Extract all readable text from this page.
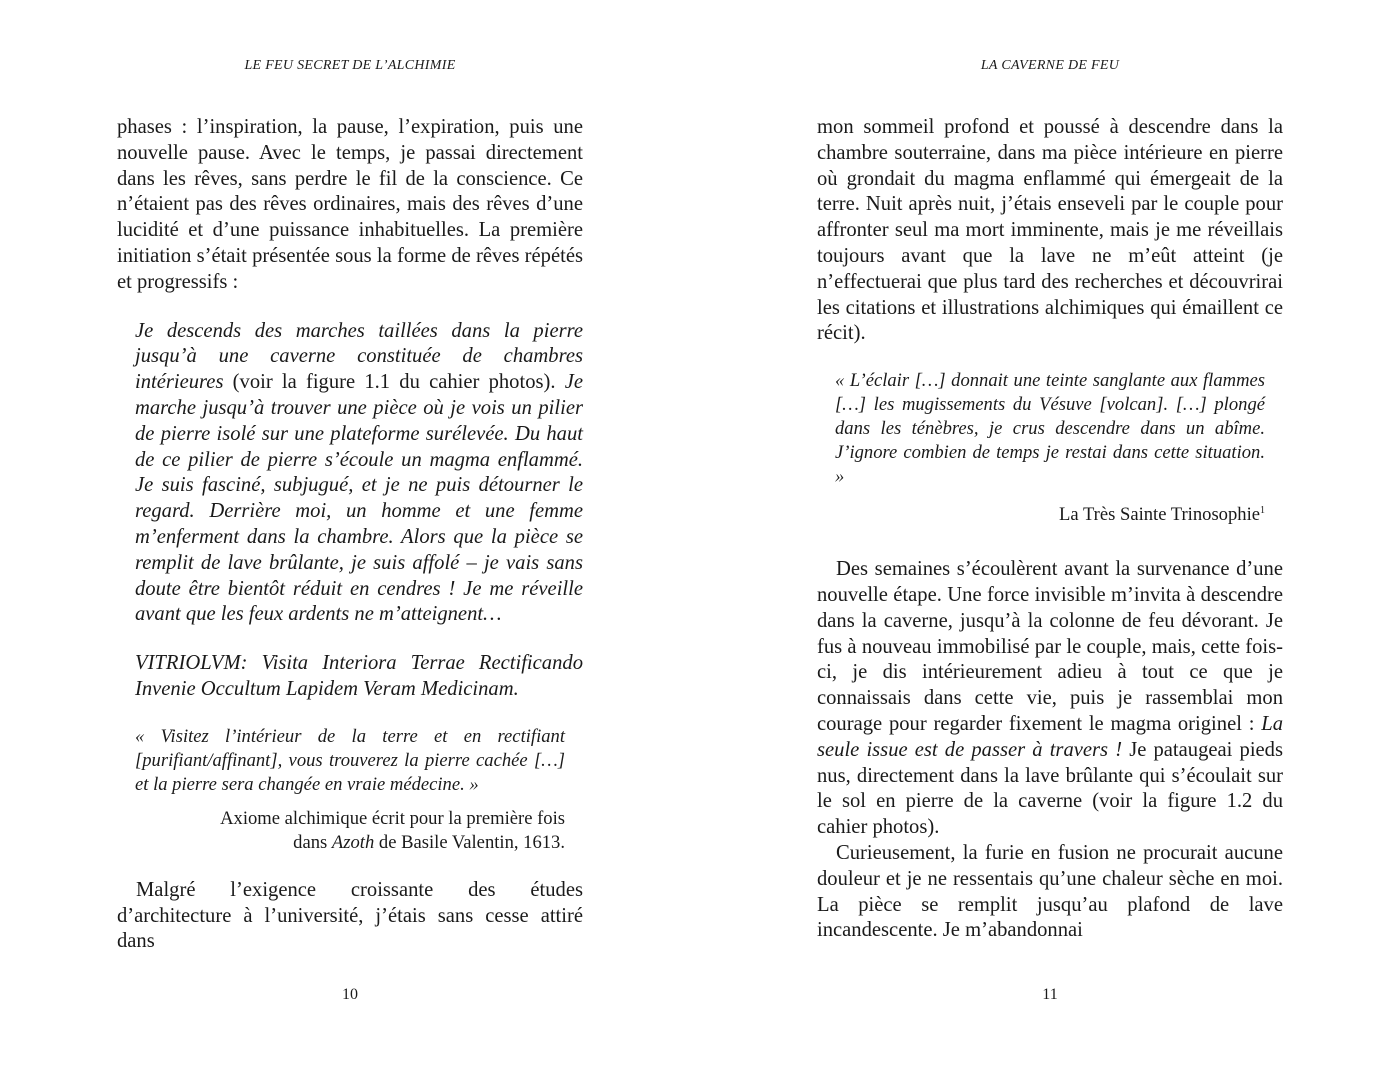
LE FEU SECRET DE L’ALCHIMIE

phases : l’inspiration, la pause, l’expiration, puis une nouvelle pause. Avec le temps, je passai directement dans les rêves, sans perdre le fil de la conscience. Ce n’étaient pas des rêves ordinaires, mais des rêves d’une lucidité et d’une puissance inhabituelles. La première initiation s’était présentée sous la forme de rêves répétés et progressifs :

Je descends des marches taillées dans la pierre jusqu’à une caverne constituée de chambres intérieures (voir la figure 1.1 du cahier photos). Je marche jusqu’à trouver une pièce où je vois un pilier de pierre isolé sur une plateforme surélevée. Du haut de ce pilier de pierre s’écoule un magma enflammé. Je suis fasciné, subjugué, et je ne puis détourner le regard. Derrière moi, un homme et une femme m’enferment dans la chambre. Alors que la pièce se remplit de lave brûlante, je suis affolé – je vais sans doute être bientôt réduit en cendres ! Je me réveille avant que les feux ardents ne m’atteignent…

VITRIOLVM: Visita Interiora Terrae Rectificando Invenie Occultum Lapidem Veram Medicinam.

« Visitez l’intérieur de la terre et en rectifiant [purifiant/affinant], vous trouverez la pierre cachée […] et la pierre sera changée en vraie médecine. »

Axiome alchimique écrit pour la première fois

dans Azoth de Basile Valentin, 1613.

Malgré l’exigence croissante des études d’architecture à l’université, j’étais sans cesse attiré dans

10
LA CAVERNE DE FEU

mon sommeil profond et poussé à descendre dans la chambre souterraine, dans ma pièce intérieure en pierre où grondait du magma enflammé qui émergeait de la terre. Nuit après nuit, j’étais enseveli par le couple pour affronter seul ma mort imminente, mais je me réveillais toujours avant que la lave ne m’eût atteint (je n’effectuerai que plus tard des recherches et découvrirai les citations et illustrations alchimiques qui émaillent ce récit).

« L’éclair […] donnait une teinte sanglante aux flammes […] les mugissements du Vésuve [volcan]. […] plongé dans les ténèbres, je crus descendre dans un abîme. J’ignore combien de temps je restai dans cette situation. »

La Très Sainte Trinosophie$^1$

Des semaines s’écoulèrent avant la survenance d’une nouvelle étape. Une force invisible m’invita à descendre dans la caverne, jusqu’à la colonne de feu dévorant. Je fus à nouveau immobilisé par le couple, mais, cette fois-ci, je dis intérieurement adieu à tout ce que je connaissais dans cette vie, puis je rassemblai mon courage pour regarder fixement le magma originel : La seule issue est de passer à travers ! Je pataugeai pieds nus, directement dans la lave brûlante qui s’écoulait sur le sol en pierre de la caverne (voir la figure 1.2 du cahier photos).

Curieusement, la furie en fusion ne procurait aucune douleur et je ne ressentais qu’une chaleur sèche en moi. La pièce se remplit jusqu’au plafond de lave incandescente. Je m’abandonnai

11
